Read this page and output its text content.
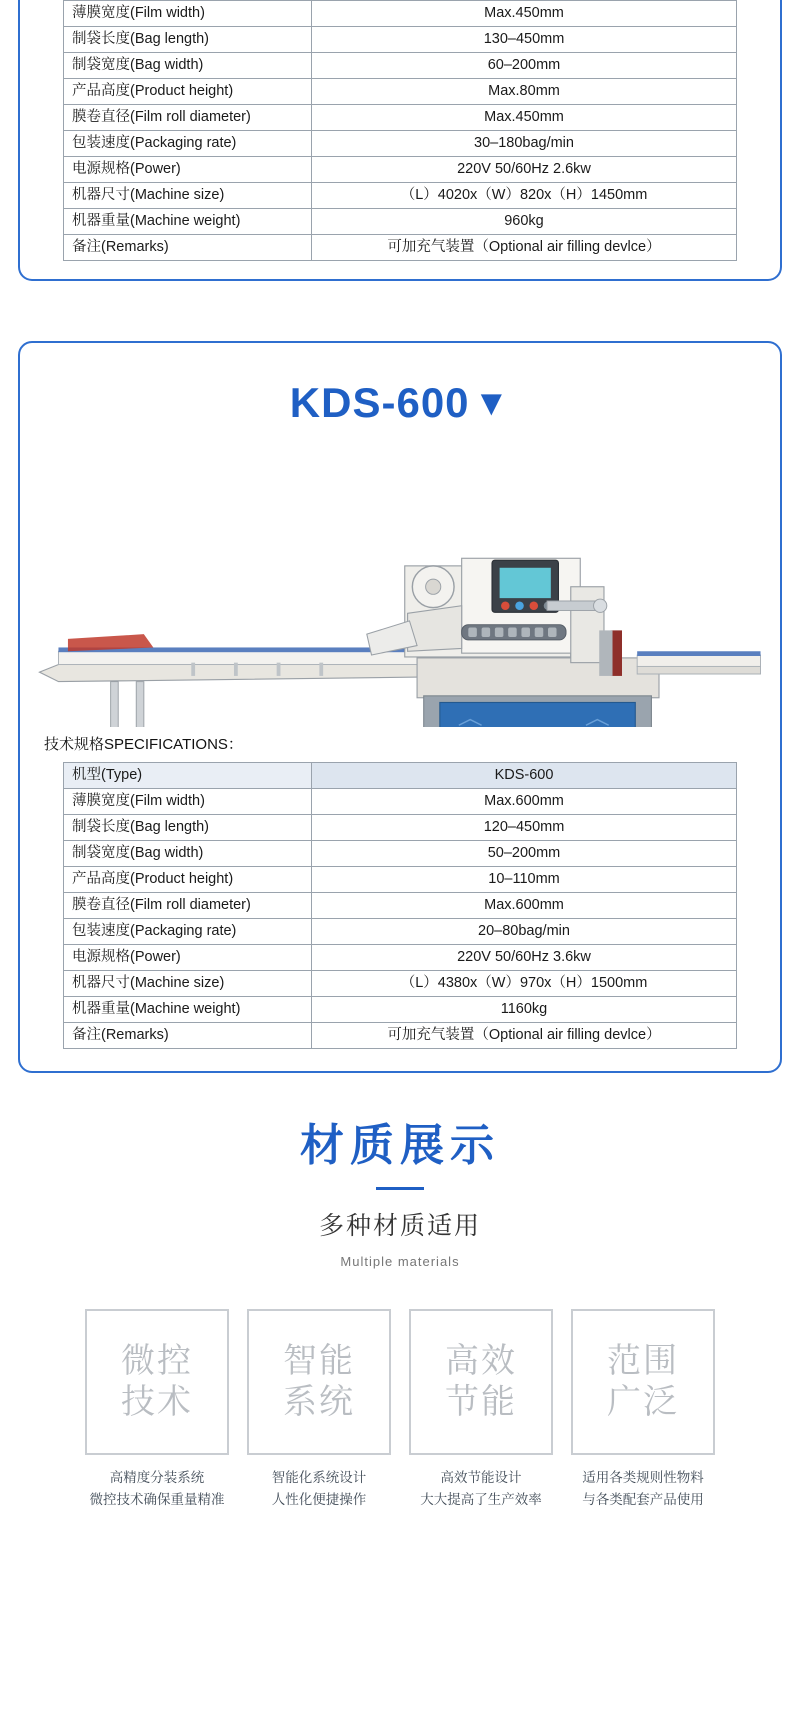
薄膜宽度(Film width)	Max.450mm
制袋长度(Bag length)	130–450mm
制袋宽度(Bag width)	60–200mm
产品高度(Product height)	Max.80mm
膜卷直径(Film roll diameter)	Max.450mm
包装速度(Packaging rate)	30–180bag/min
电源规格(Power)	220V 50/60Hz 2.6kw
机器尺寸(Machine size)	（L）4020x（W）820x（H）1450mm
机器重量(Machine weight)	960kg
备注(Remarks)	可加充气装置（Optional air filling devlce）
KDS-600 ▼
技术规格SPECIFICATIONS：
机型(Type)	KDS-600
薄膜宽度(Film width)	Max.600mm
制袋长度(Bag length)	120–450mm
制袋宽度(Bag width)	50–200mm
产品高度(Product height)	10–110mm
膜卷直径(Film roll diameter)	Max.600mm
包装速度(Packaging rate)	20–80bag/min
电源规格(Power)	220V 50/60Hz 3.6kw
机器尺寸(Machine size)	（L）4380x（W）970x（H）1500mm
机器重量(Machine weight)	1160kg
备注(Remarks)	可加充气装置（Optional air filling devlce）
材质展示
多种材质适用
Multiple materials
微控
技术
高精度分装系统
微控技术确保重量精准
智能
系统
智能化系统设计
人性化便捷操作
高效
节能
高效节能设计
大大提高了生产效率
范围
广泛
适用各类规则性物料
与各类配套产品使用
